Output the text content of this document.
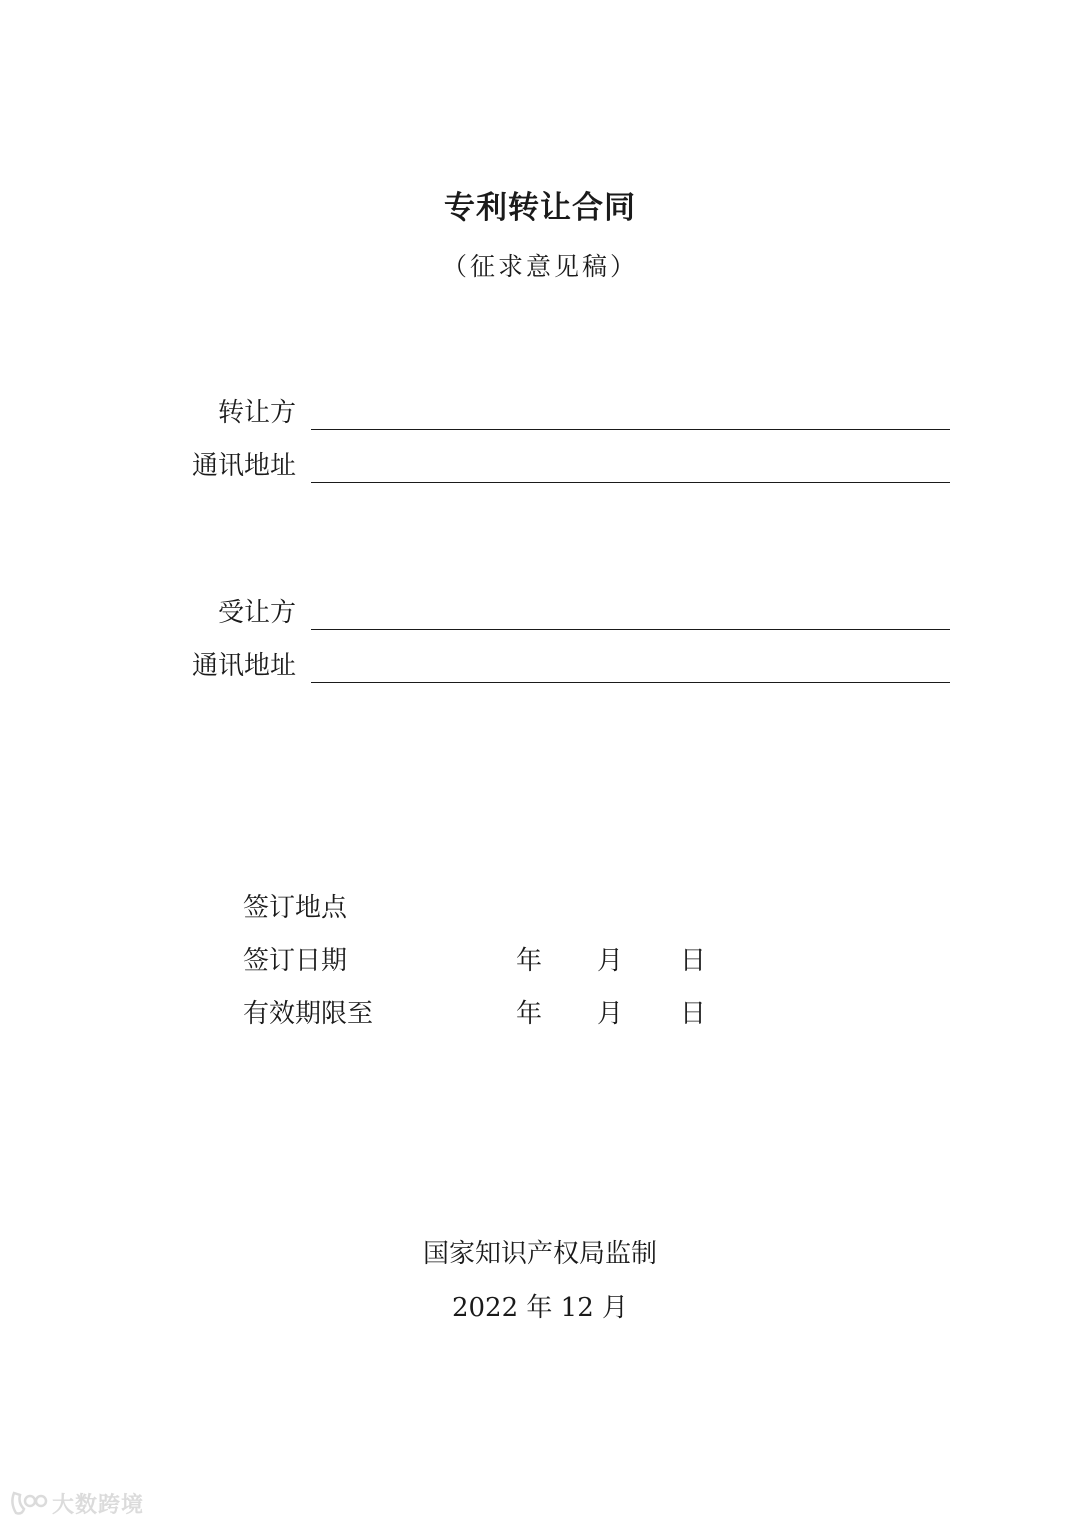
专利转让合同
（征求意见稿）
转让方
通讯地址
受让方
通讯地址
签订地点
签订日期	年 月 日
有效期限至	年 月 日
国家知识产权局监制
2022 年 12 月
大数跨境
